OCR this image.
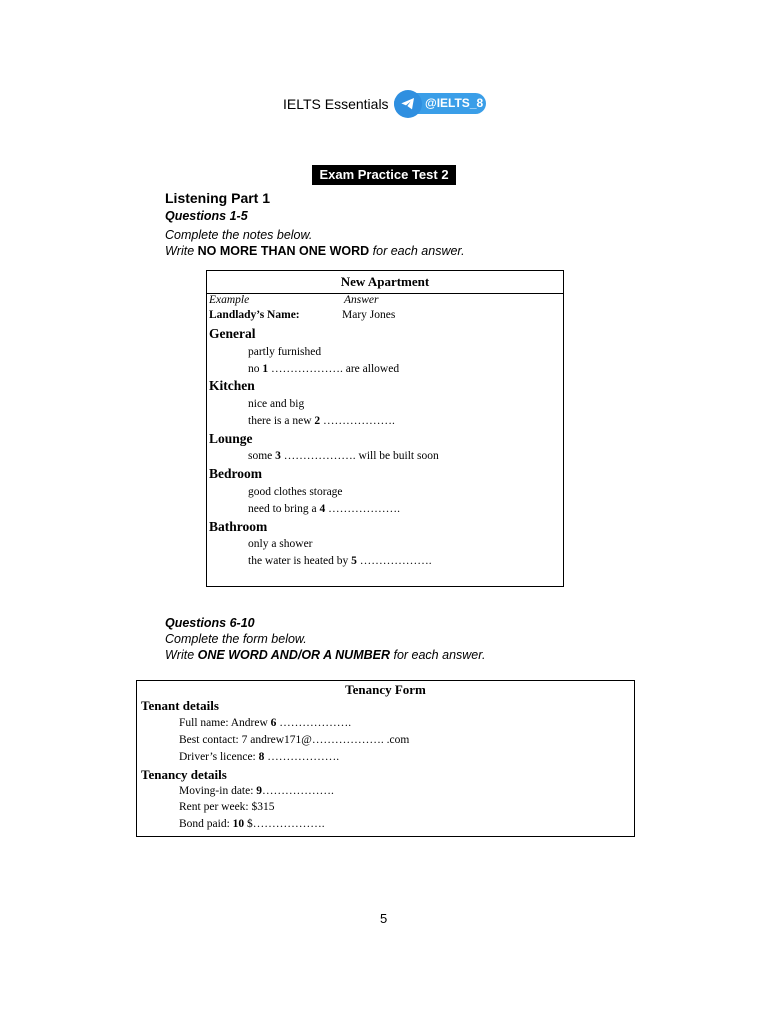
IELTS Essentials	@IELTS_8
Exam Practice Test 2
Listening Part 1
Questions 1-5
Complete the notes below.
Write NO MORE THAN ONE WORD for each answer.
New Apartment
Example	Answer
Landlady’s Name:	Mary Jones
General
partly furnished
no 1 ………………. are allowed
Kitchen
nice and big
there is a new 2 ……………….
Lounge
some 3 ………………. will be built soon
Bedroom
good clothes storage
need to bring a 4 ……………….
Bathroom
only a shower
the water is heated by 5 ……………….
Questions 6-10
Complete the form below.
Write ONE WORD AND/OR A NUMBER for each answer.
Tenancy Form
Tenant details
Full name: Andrew 6 ……………….
Best contact: 7 andrew171@………………. .com
Driver’s licence: 8 ……………….
Tenancy details
Moving-in date: 9……………….
Rent per week: $315
Bond paid: 10 $……………….
5
